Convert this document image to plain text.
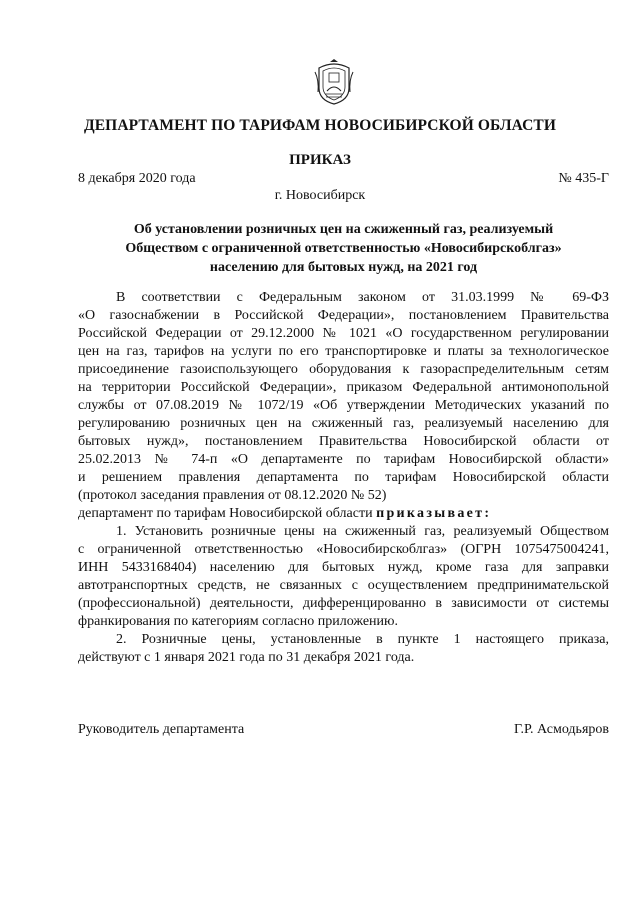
ДЕПАРТАМЕНТ ПО ТАРИФАМ НОВОСИБИРСКОЙ ОБЛАСТИ
ПРИКАЗ
8 декабря 2020 года	№ 435-Г
г. Новосибирск
Об установлении розничных цен на сжиженный газ, реализуемый
Обществом с ограниченной ответственностью «Новосибирскоблгаз»
населению для бытовых нужд, на 2021 год
В соответствии с Федеральным законом от 31.03.1999 № 69-ФЗ
«О газоснабжении в Российской Федерации», постановлением Правительства
Российской Федерации от 29.12.2000 № 1021 «О государственном регулировании
цен на газ, тарифов на услуги по его транспортировке и платы за технологическое
присоединение газоиспользующего оборудования к газораспределительным сетям
на территории Российской Федерации», приказом Федеральной антимонопольной
службы от 07.08.2019 № 1072/19 «Об утверждении Методических указаний по
регулированию розничных цен на сжиженный газ, реализуемый населению для
бытовых нужд», постановлением Правительства Новосибирской области от
25.02.2013 № 74-п «О департаменте по тарифам Новосибирской области»
и решением правления департамента по тарифам Новосибирской области
(протокол заседания правления от 08.12.2020 № 52)
департамент по тарифам Новосибирской области приказывает:
1. Установить розничные цены на сжиженный газ, реализуемый Обществом
с ограниченной ответственностью «Новосибирскоблгаз» (ОГРН 1075475004241,
ИНН 5433168404) населению для бытовых нужд, кроме газа для заправки
автотранспортных средств, не связанных с осуществлением предпринимательской
(профессиональной) деятельности, дифференцированно в зависимости от системы
франкирования по категориям согласно приложению.
2. Розничные цены, установленные в пункте 1 настоящего приказа,
действуют с 1 января 2021 года по 31 декабря 2021 года.
Руководитель департамента	Г.Р. Асмодьяров
